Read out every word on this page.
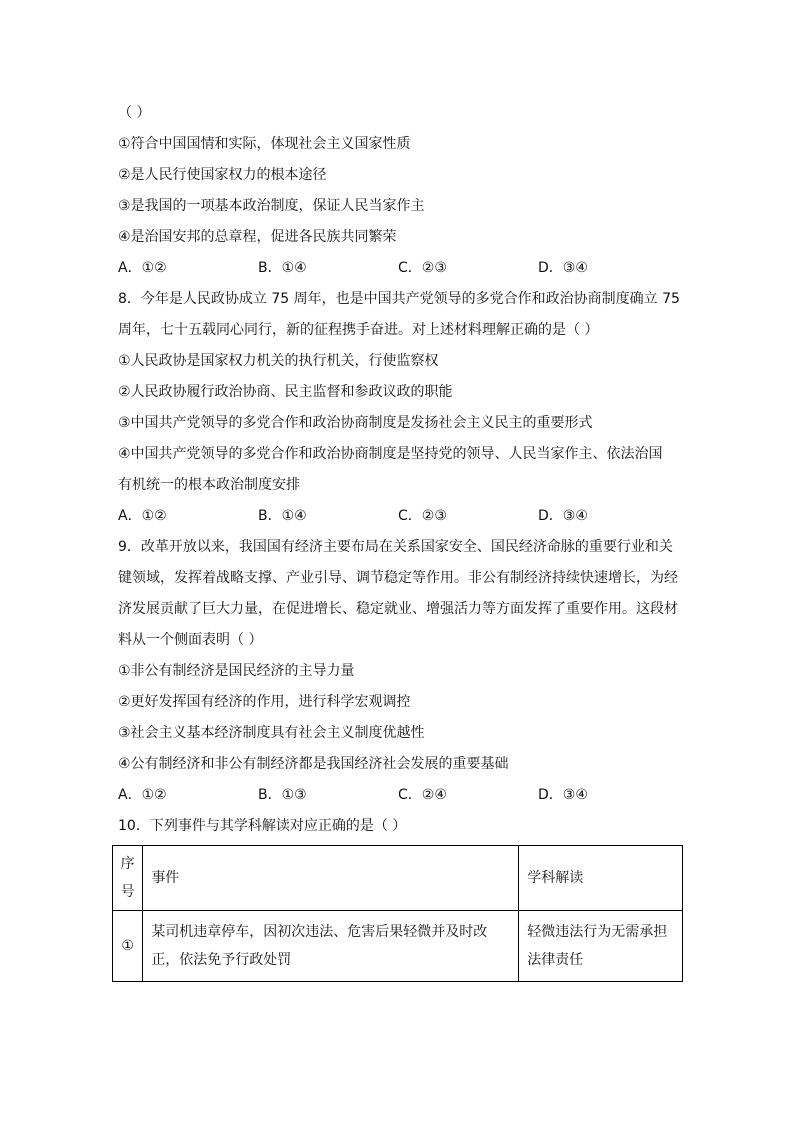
（ ）
①符合中国国情和实际，体现社会主义国家性质
②是人民行使国家权力的根本途径
③是我国的一项基本政治制度，保证人民当家作主
④是治国安邦的总章程，促进各民族共同繁荣
A．①②	B．①④	C．②③	D．③④
8．今年是人民政协成立 75 周年，也是中国共产党领导的多党合作和政治协商制度确立 75
周年，七十五载同心同行，新的征程携手奋进。对上述材料理解正确的是（ ）
①人民政协是国家权力机关的执行机关，行使监察权
②人民政协履行政治协商、民主监督和参政议政的职能
③中国共产党领导的多党合作和政治协商制度是发扬社会主义民主的重要形式
④中国共产党领导的多党合作和政治协商制度是坚持党的领导、人民当家作主、依法治国
有机统一的根本政治制度安排
A．①②	B．①④	C．②③	D．③④
9．改革开放以来，我国国有经济主要布局在关系国家安全、国民经济命脉的重要行业和关
键领域，发挥着战略支撑、产业引导、调节稳定等作用。非公有制经济持续快速增长，为经
济发展贡献了巨大力量，在促进增长、稳定就业、增强活力等方面发挥了重要作用。这段材
料从一个侧面表明（ ）
①非公有制经济是国民经济的主导力量
②更好发挥国有经济的作用，进行科学宏观调控
③社会主义基本经济制度具有社会主义制度优越性
④公有制经济和非公有制经济都是我国经济社会发展的重要基础
A．①②	B．①③	C．②④	D．③④
10．下列事件与其学科解读对应正确的是（ ）
序号	事件	学科解读
①	某司机违章停车，因初次违法、危害后果轻微并及时改正，依法免予行政处罚	轻微违法行为无需承担法律责任
